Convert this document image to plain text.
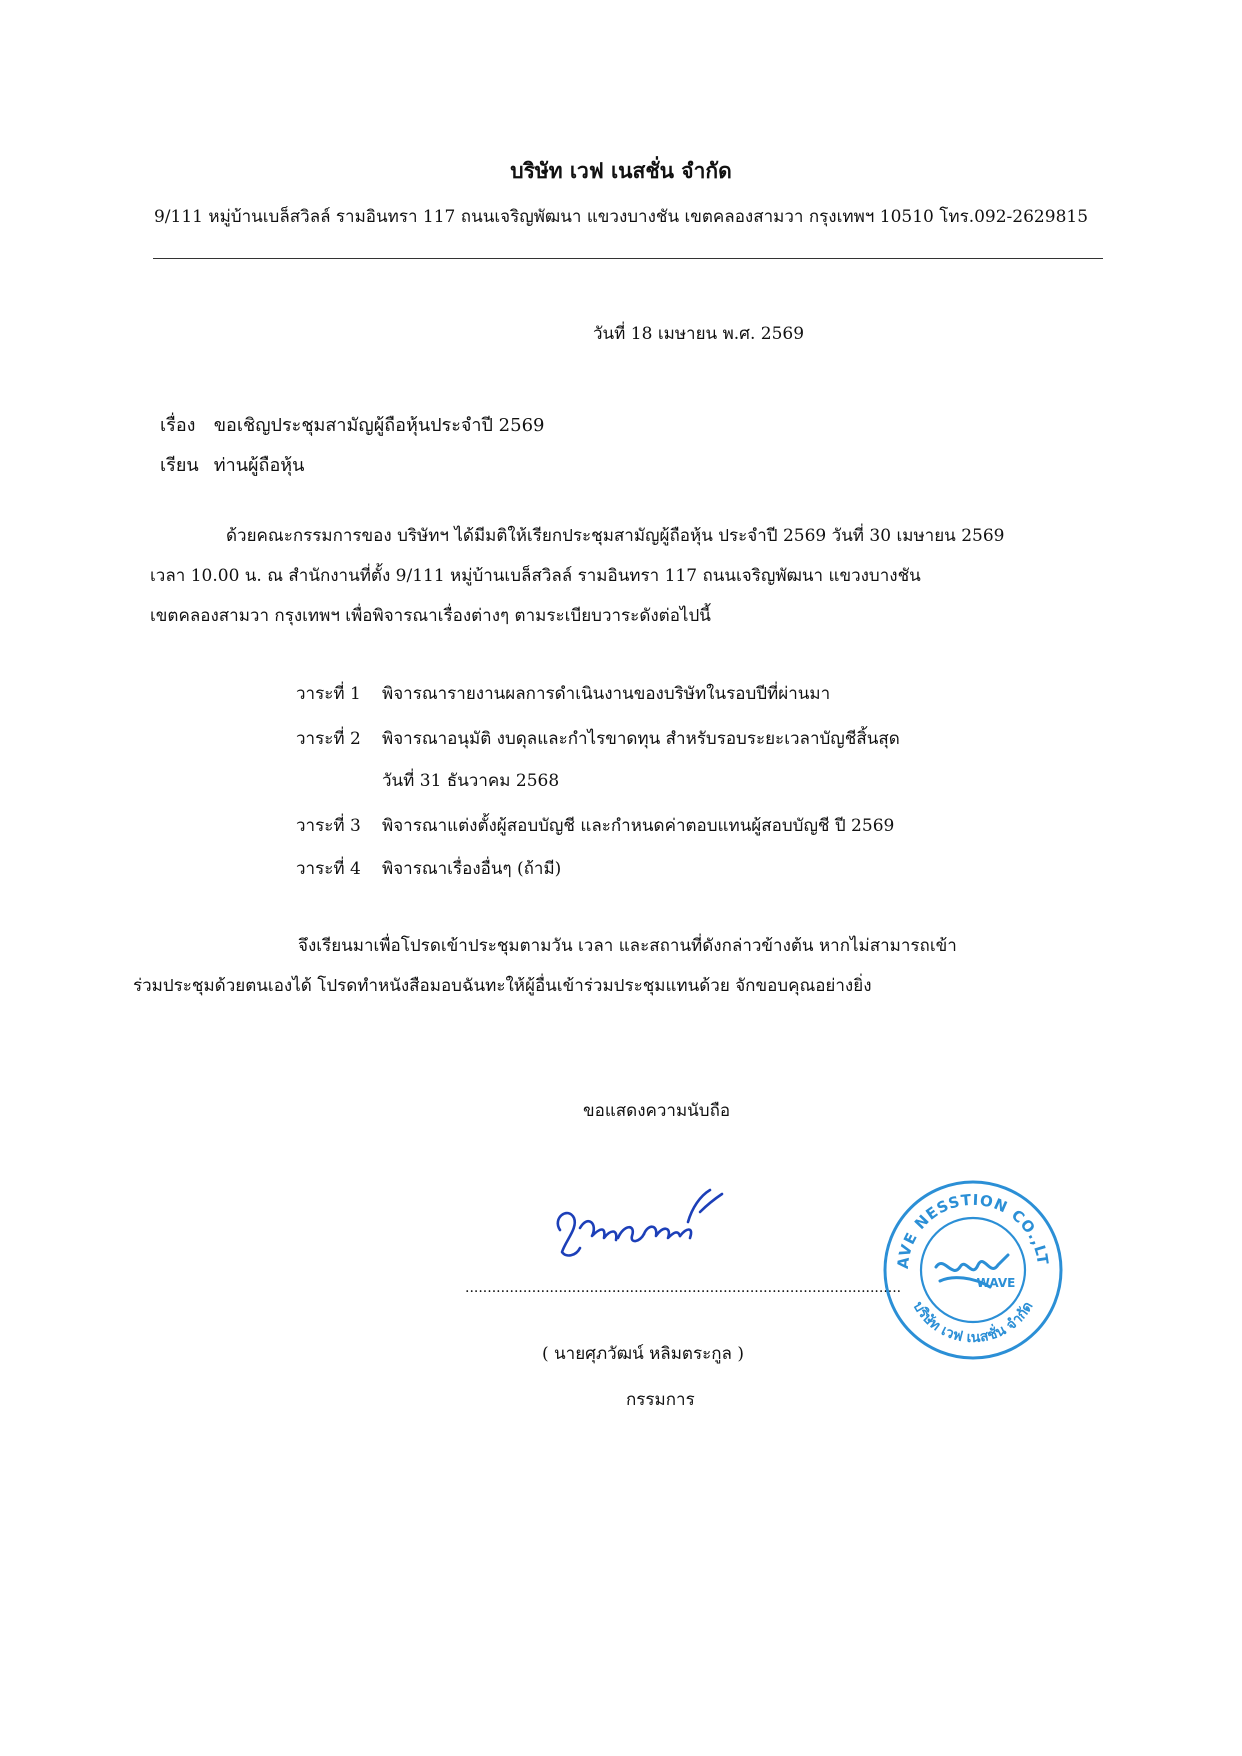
บริษัท เวฟ เนสชั่น จำกัด
9/111 หมู่บ้านเบล็สวิลล์ รามอินทรา 117 ถนนเจริญพัฒนา แขวงบางชัน เขตคลองสามวา กรุงเทพฯ 10510 โทร.092-2629815
วันที่ 18 เมษายน พ.ศ. 2569
เรื่อง ขอเชิญประชุมสามัญผู้ถือหุ้นประจำปี 2569
เรียน ท่านผู้ถือหุ้น
ด้วยคณะกรรมการของ บริษัทฯ ได้มีมติให้เรียกประชุมสามัญผู้ถือหุ้น ประจำปี 2569 วันที่ 30 เมษายน 2569
เวลา 10.00 น. ณ สำนักงานที่ตั้ง 9/111 หมู่บ้านเบล็สวิลล์ รามอินทรา 117 ถนนเจริญพัฒนา แขวงบางชัน
เขตคลองสามวา กรุงเทพฯ เพื่อพิจารณาเรื่องต่างๆ ตามระเบียบวาระดังต่อไปนี้
วาระที่ 1 พิจารณารายงานผลการดำเนินงานของบริษัทในรอบปีที่ผ่านมา
วาระที่ 2 พิจารณาอนุมัติ งบดุลและกำไรขาดทุน สำหรับรอบระยะเวลาบัญชีสิ้นสุด
วันที่ 31 ธันวาคม 2568
วาระที่ 3 พิจารณาแต่งตั้งผู้สอบบัญชี และกำหนดค่าตอบแทนผู้สอบบัญชี ปี 2569
วาระที่ 4 พิจารณาเรื่องอื่นๆ (ถ้ามี)
จึงเรียนมาเพื่อโปรดเข้าประชุมตามวัน เวลา และสถานที่ดังกล่าวข้างต้น หากไม่สามารถเข้า
ร่วมประชุมด้วยตนเองได้ โปรดทำหนังสือมอบฉันทะให้ผู้อื่นเข้าร่วมประชุมแทนด้วย จักขอบคุณอย่างยิ่ง
ขอแสดงความนับถือ
..................................................................................................
( นายศุภวัฒน์ หลิมตระกูล )
กรรมการ
AVE NESSTION CO.,LT
บริษัท เวฟ เนสชั่น จำกัด
WAVE
